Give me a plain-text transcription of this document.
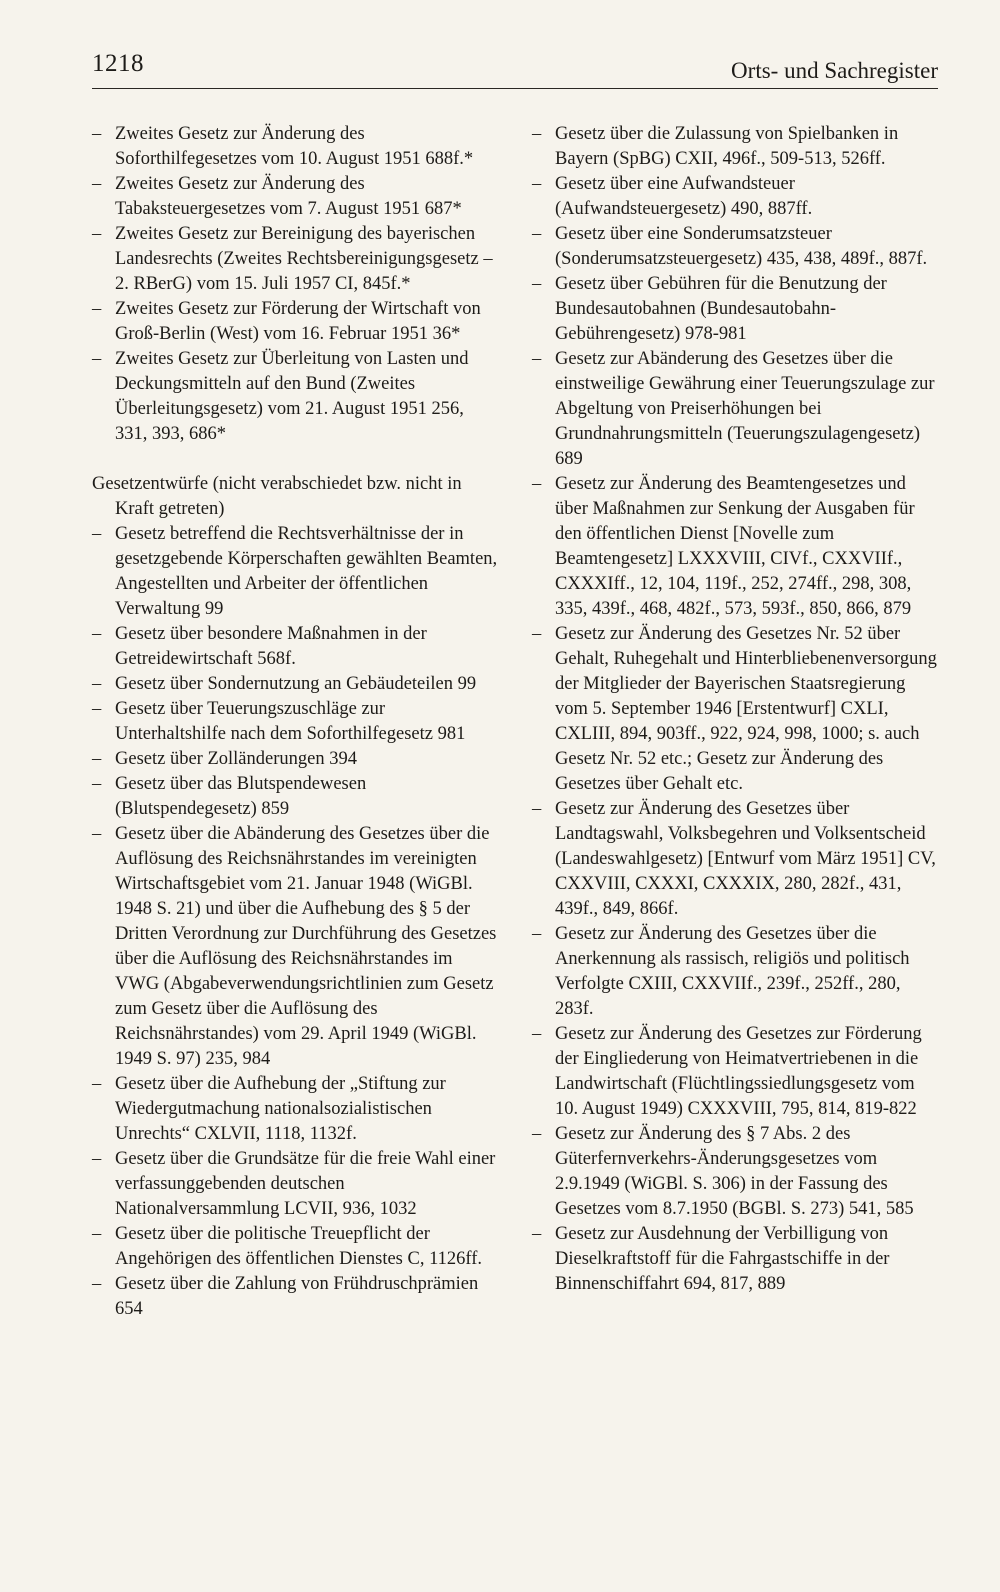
1218	Orts- und Sachregister

– Zweites Gesetz zur Änderung des Soforthilfegesetzes vom 10. August 1951 688f.*

– Zweites Gesetz zur Änderung des Tabaksteuergesetzes vom 7. August 1951 687*

– Zweites Gesetz zur Bereinigung des bayerischen Landesrechts (Zweites Rechtsbereinigungsgesetz – 2. RBerG) vom 15. Juli 1957 CI, 845f.*

– Zweites Gesetz zur Förderung der Wirtschaft von Groß-Berlin (West) vom 16. Februar 1951 36*

– Zweites Gesetz zur Überleitung von Lasten und Deckungsmitteln auf den Bund (Zweites Überleitungsgesetz) vom 21. August 1951 256, 331, 393, 686*

Gesetzentwürfe (nicht verabschiedet bzw. nicht in Kraft getreten)

– Gesetz betreffend die Rechtsverhältnisse der in gesetzgebende Körperschaften gewählten Beamten, Angestellten und Arbeiter der öffentlichen Verwaltung 99

– Gesetz über besondere Maßnahmen in der Getreidewirtschaft 568f.

– Gesetz über Sondernutzung an Gebäudeteilen 99

– Gesetz über Teuerungszuschläge zur Unterhaltshilfe nach dem Soforthilfegesetz 981

– Gesetz über Zolländerungen 394

– Gesetz über das Blutspendewesen (Blutspendegesetz) 859

– Gesetz über die Abänderung des Gesetzes über die Auflösung des Reichsnährstandes im vereinigten Wirtschaftsgebiet vom 21. Januar 1948 (WiGBl. 1948 S. 21) und über die Aufhebung des § 5 der Dritten Verordnung zur Durchführung des Gesetzes über die Auflösung des Reichsnährstandes im VWG (Abgabeverwendungsrichtlinien zum Gesetz zum Gesetz über die Auflösung des Reichsnährstandes) vom 29. April 1949 (WiGBl. 1949 S. 97) 235, 984

– Gesetz über die Aufhebung der „Stiftung zur Wiedergutmachung nationalsozialistischen Unrechts“ CXLVII, 1118, 1132f.

– Gesetz über die Grundsätze für die freie Wahl einer verfassunggebenden deutschen Nationalversammlung LCVII, 936, 1032

– Gesetz über die politische Treuepflicht der Angehörigen des öffentlichen Dienstes C, 1126ff.

– Gesetz über die Zahlung von Frühdruschprämien 654

– Gesetz über die Zulassung von Spielbanken in Bayern (SpBG) CXII, 496f., 509-513, 526ff.

– Gesetz über eine Aufwandsteuer (Aufwandsteuergesetz) 490, 887ff.

– Gesetz über eine Sonderumsatzsteuer (Sonderumsatzsteuergesetz) 435, 438, 489f., 887f.

– Gesetz über Gebühren für die Benutzung der Bundesautobahnen (Bundesautobahn-Gebührengesetz) 978-981

– Gesetz zur Abänderung des Gesetzes über die einstweilige Gewährung einer Teuerungszulage zur Abgeltung von Preiserhöhungen bei Grundnahrungsmitteln (Teuerungszulagengesetz) 689

– Gesetz zur Änderung des Beamtengesetzes und über Maßnahmen zur Senkung der Ausgaben für den öffentlichen Dienst [Novelle zum Beamtengesetz] LXXXVIII, CIVf., CXXVIIf., CXXXIff., 12, 104, 119f., 252, 274ff., 298, 308, 335, 439f., 468, 482f., 573, 593f., 850, 866, 879

– Gesetz zur Änderung des Gesetzes Nr. 52 über Gehalt, Ruhegehalt und Hinterbliebenenversorgung der Mitglieder der Bayerischen Staatsregierung vom 5. September 1946 [Erstentwurf] CXLI, CXLIII, 894, 903ff., 922, 924, 998, 1000; s. auch Gesetz Nr. 52 etc.; Gesetz zur Änderung des Gesetzes über Gehalt etc.

– Gesetz zur Änderung des Gesetzes über Landtagswahl, Volksbegehren und Volksentscheid (Landeswahlgesetz) [Entwurf vom März 1951] CV, CXXVIII, CXXXI, CXXXIX, 280, 282f., 431, 439f., 849, 866f.

– Gesetz zur Änderung des Gesetzes über die Anerkennung als rassisch, religiös und politisch Verfolgte CXIII, CXXVIIf., 239f., 252ff., 280, 283f.

– Gesetz zur Änderung des Gesetzes zur Förderung der Eingliederung von Heimatvertriebenen in die Landwirtschaft (Flüchtlingssiedlungsgesetz vom 10. August 1949) CXXXVIII, 795, 814, 819-822

– Gesetz zur Änderung des § 7 Abs. 2 des Güterfernverkehrs-Änderungsgesetzes vom 2.9.1949 (WiGBl. S. 306) in der Fassung des Gesetzes vom 8.7.1950 (BGBl. S. 273) 541, 585

– Gesetz zur Ausdehnung der Verbilligung von Dieselkraftstoff für die Fahrgastschiffe in der Binnenschiffahrt 694, 817, 889
